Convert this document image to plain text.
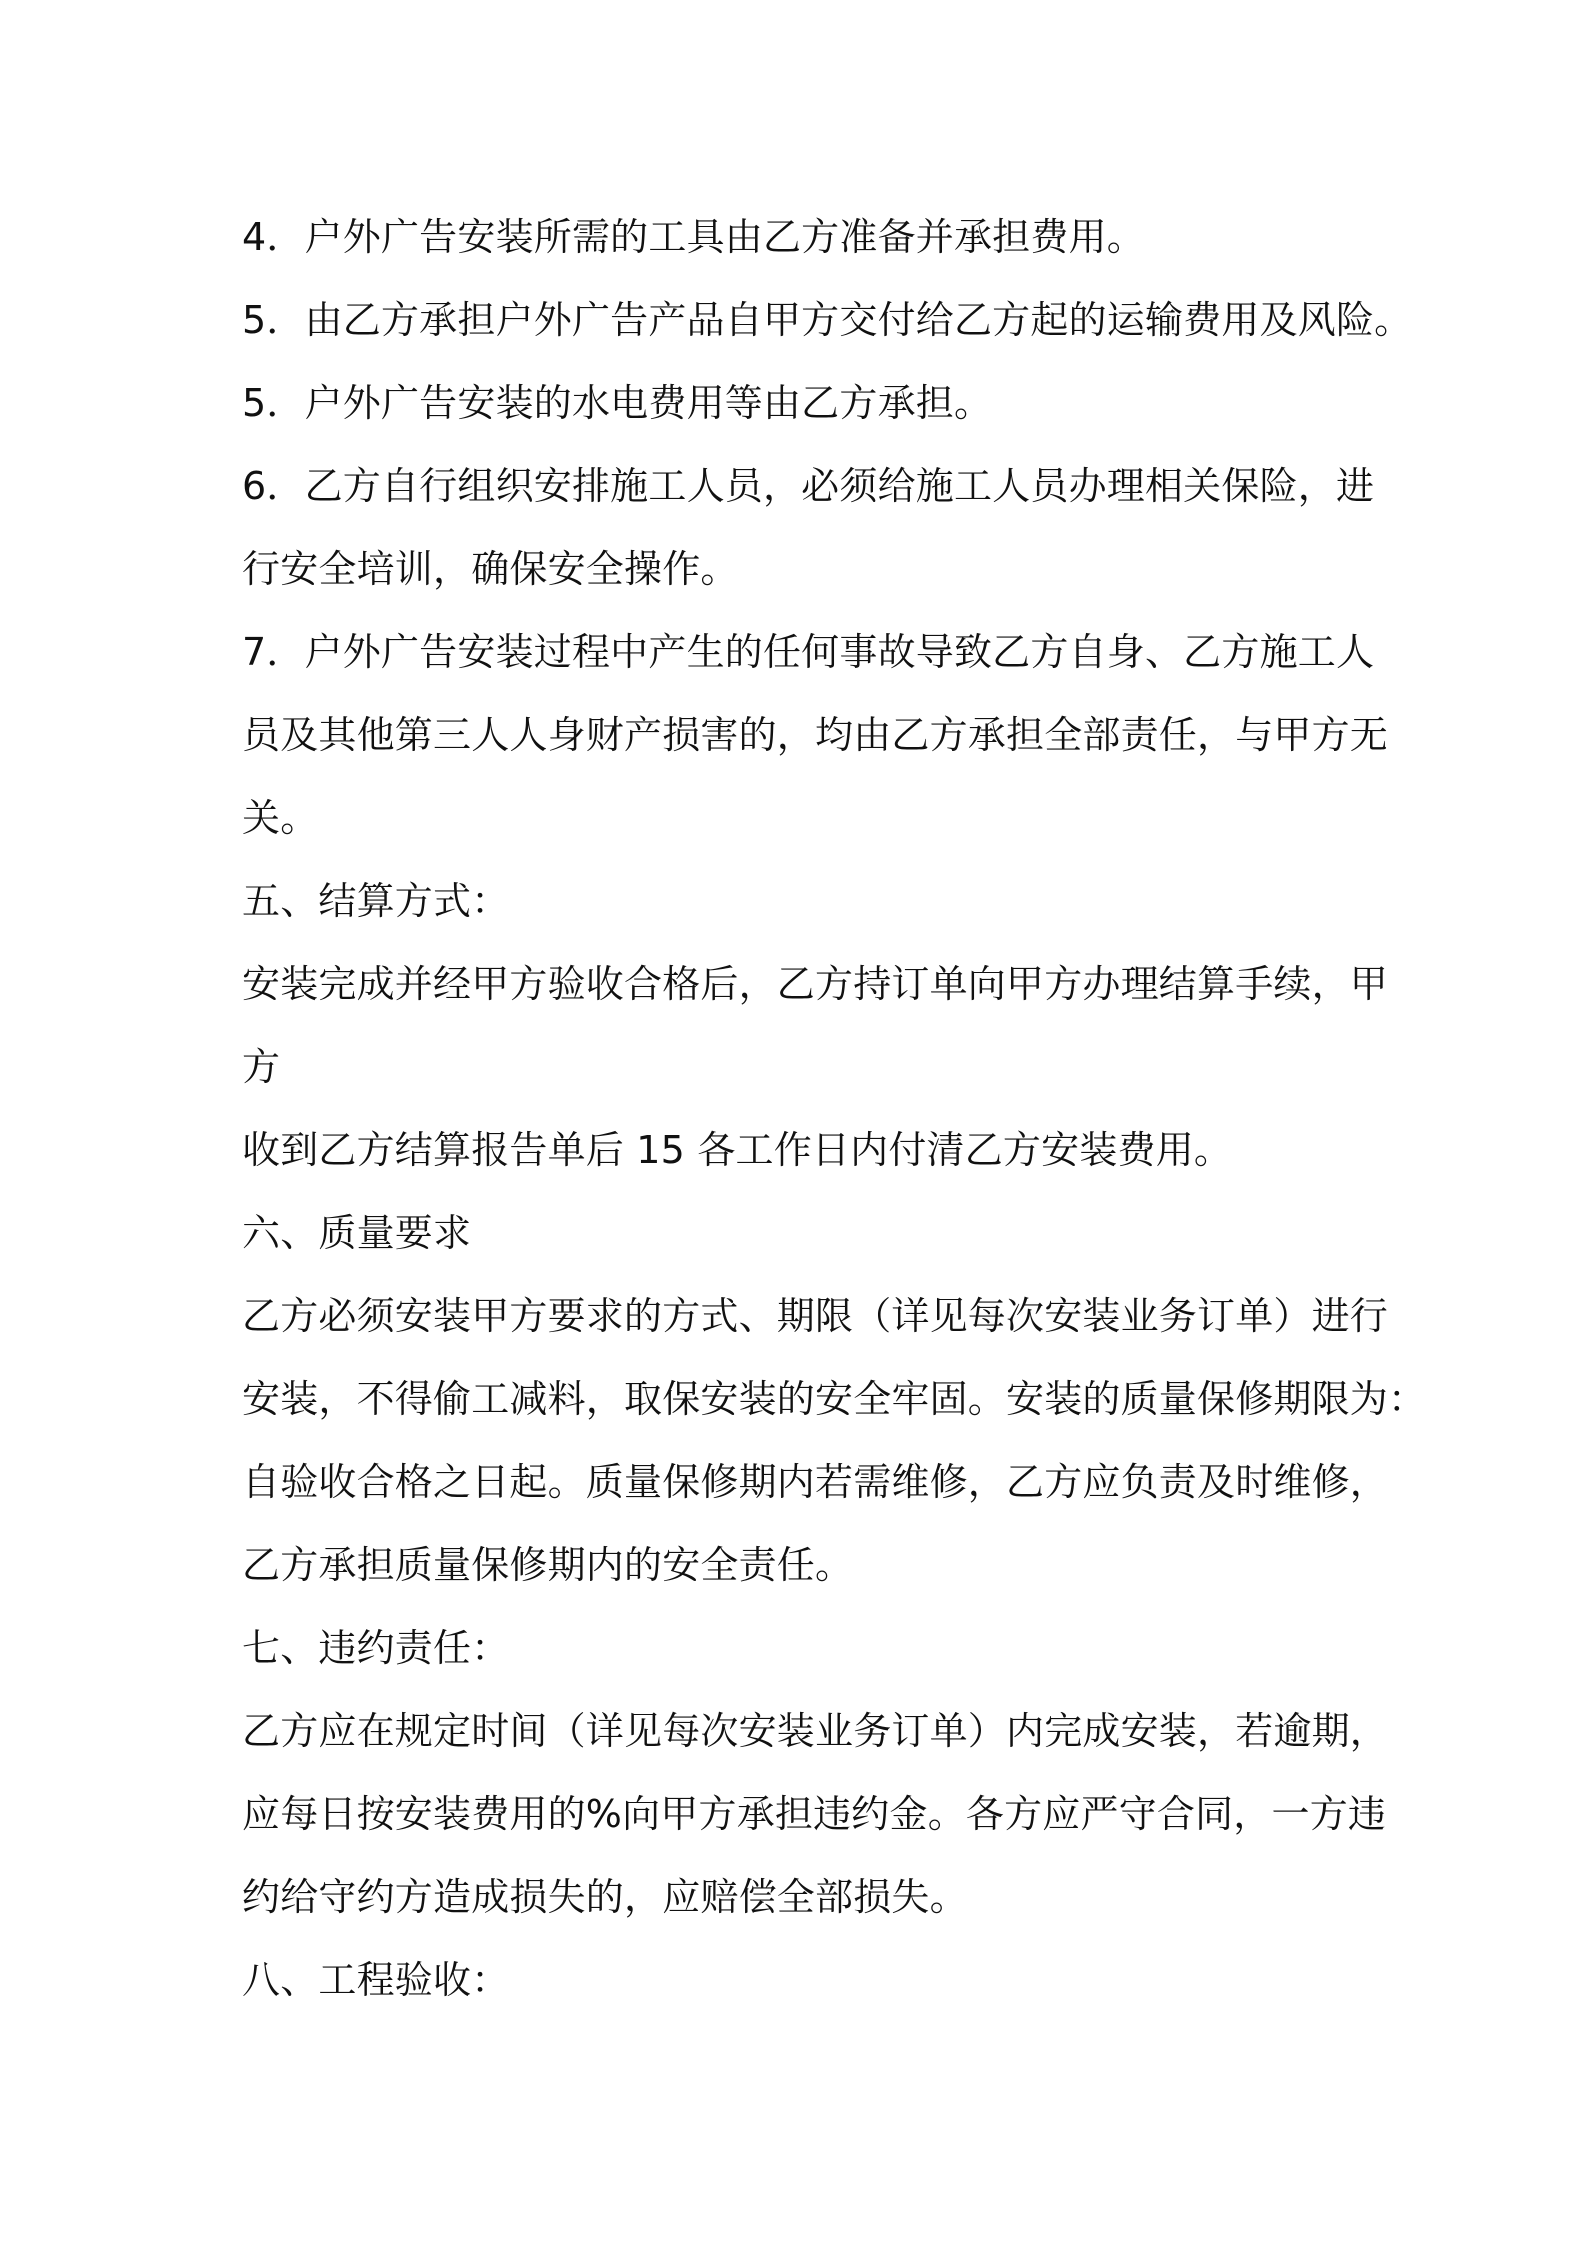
4．户外广告安装所需的工具由乙方准备并承担费用。
5．由乙方承担户外广告产品自甲方交付给乙方起的运输费用及风险。
5．户外广告安装的水电费用等由乙方承担。
6．乙方自行组织安排施工人员，必须给施工人员办理相关保险，进
行安全培训，确保安全操作。
7．户外广告安装过程中产生的任何事故导致乙方自身、乙方施工人
员及其他第三人人身财产损害的，均由乙方承担全部责任，与甲方无
关。
五、结算方式：
安装完成并经甲方验收合格后，乙方持订单向甲方办理结算手续，甲
方
收到乙方结算报告单后 15 各工作日内付清乙方安装费用。
六、质量要求
乙方必须安装甲方要求的方式、期限（详见每次安装业务订单）进行
安装，不得偷工减料，取保安装的安全牢固。安装的质量保修期限为：
自验收合格之日起。质量保修期内若需维修，乙方应负责及时维修，
乙方承担质量保修期内的安全责任。
七、违约责任：
乙方应在规定时间（详见每次安装业务订单）内完成安装，若逾期，
应每日按安装费用的%向甲方承担违约金。各方应严守合同，一方违
约给守约方造成损失的，应赔偿全部损失。
八、工程验收：
